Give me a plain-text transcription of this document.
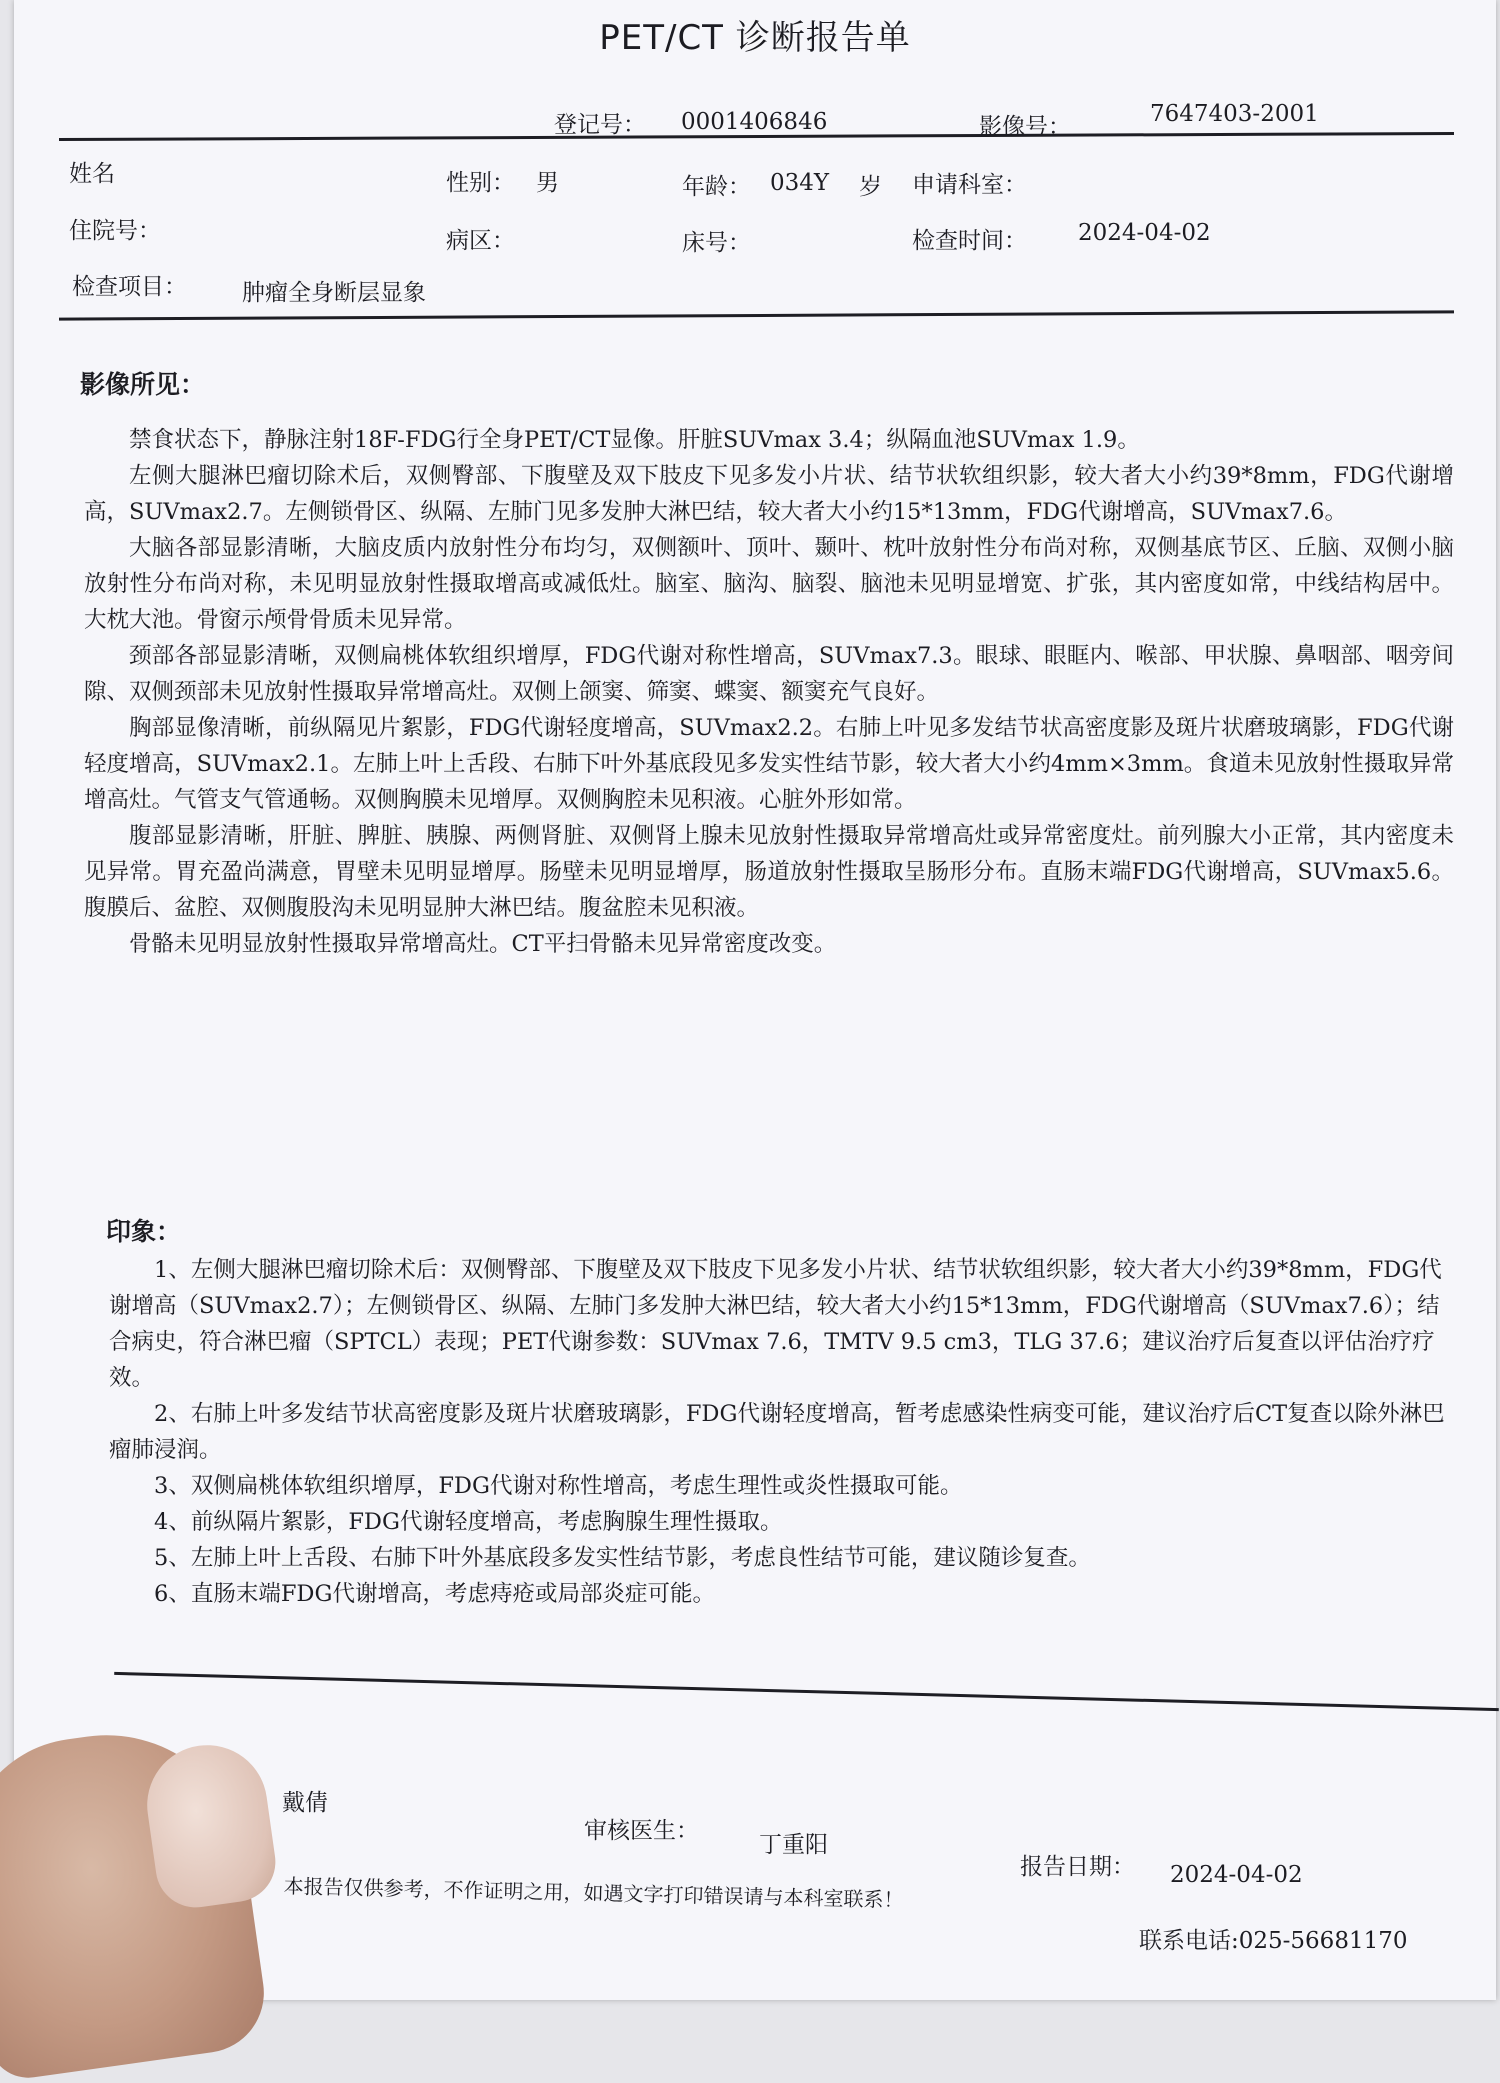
PET/CT 诊断报告单
登记号： 0001406846	影像号：	7647403-2001
姓名	性别： 男	年龄： 034Y 岁 申请科室：
住院号：	病区：	床号：	检查时间： 2024-04-02
检查项目： 肿瘤全身断层显象
影像所见：

禁食状态下，静脉注射18F-FDG行全身PET/CT显像。肝脏SUVmax 3.4；纵隔血池SUVmax 1.9。

左侧大腿淋巴瘤切除术后，双侧臀部、下腹壁及双下肢皮下见多发小片状、结节状软组织影，较大者大小约39*8mm，FDG代谢增高，SUVmax2.7。左侧锁骨区、纵隔、左肺门见多发肿大淋巴结，较大者大小约15*13mm，FDG代谢增高，SUVmax7.6。

大脑各部显影清晰，大脑皮质内放射性分布均匀，双侧额叶、顶叶、颞叶、枕叶放射性分布尚对称，双侧基底节区、丘脑、双侧小脑放射性分布尚对称，未见明显放射性摄取增高或减低灶。脑室、脑沟、脑裂、脑池未见明显增宽、扩张，其内密度如常，中线结构居中。大枕大池。骨窗示颅骨骨质未见异常。

颈部各部显影清晰，双侧扁桃体软组织增厚，FDG代谢对称性增高，SUVmax7.3。眼球、眼眶内、喉部、甲状腺、鼻咽部、咽旁间隙、双侧颈部未见放射性摄取异常增高灶。双侧上颌窦、筛窦、蝶窦、额窦充气良好。

胸部显像清晰，前纵隔见片絮影，FDG代谢轻度增高，SUVmax2.2。右肺上叶见多发结节状高密度影及斑片状磨玻璃影，FDG代谢轻度增高，SUVmax2.1。左肺上叶上舌段、右肺下叶外基底段见多发实性结节影，较大者大小约4mm×3mm。食道未见放射性摄取异常增高灶。气管支气管通畅。双侧胸膜未见增厚。双侧胸腔未见积液。心脏外形如常。

腹部显影清晰，肝脏、脾脏、胰腺、两侧肾脏、双侧肾上腺未见放射性摄取异常增高灶或异常密度灶。前列腺大小正常，其内密度未见异常。胃充盈尚满意，胃壁未见明显增厚。肠壁未见明显增厚，肠道放射性摄取呈肠形分布。直肠末端FDG代谢增高，SUVmax5.6。腹膜后、盆腔、双侧腹股沟未见明显肿大淋巴结。腹盆腔未见积液。

骨骼未见明显放射性摄取异常增高灶。CT平扫骨骼未见异常密度改变。

印象：

1、左侧大腿淋巴瘤切除术后：双侧臀部、下腹壁及双下肢皮下见多发小片状、结节状软组织影，较大者大小约39*8mm，FDG代谢增高（SUVmax2.7）；左侧锁骨区、纵隔、左肺门多发肿大淋巴结，较大者大小约15*13mm，FDG代谢增高（SUVmax7.6）；结合病史，符合淋巴瘤（SPTCL）表现；PET代谢参数：SUVmax 7.6，TMTV 9.5 cm3，TLG 37.6；建议治疗后复查以评估治疗疗效。

2、右肺上叶多发结节状高密度影及斑片状磨玻璃影，FDG代谢轻度增高，暂考虑感染性病变可能，建议治疗后CT复查以除外淋巴瘤肺浸润。

3、双侧扁桃体软组织增厚，FDG代谢对称性增高，考虑生理性或炎性摄取可能。

4、前纵隔片絮影，FDG代谢轻度增高，考虑胸腺生理性摄取。

5、左肺上叶上舌段、右肺下叶外基底段多发实性结节影，考虑良性结节可能，建议随诊复查。

6、直肠末端FDG代谢增高，考虑痔疮或局部炎症可能。

戴倩
审核医生：
丁重阳
本报告仅供参考，不作证明之用，如遇文字打印错误请与本科室联系！
报告日期： 2024-04-02
联系电话:025-56681170
